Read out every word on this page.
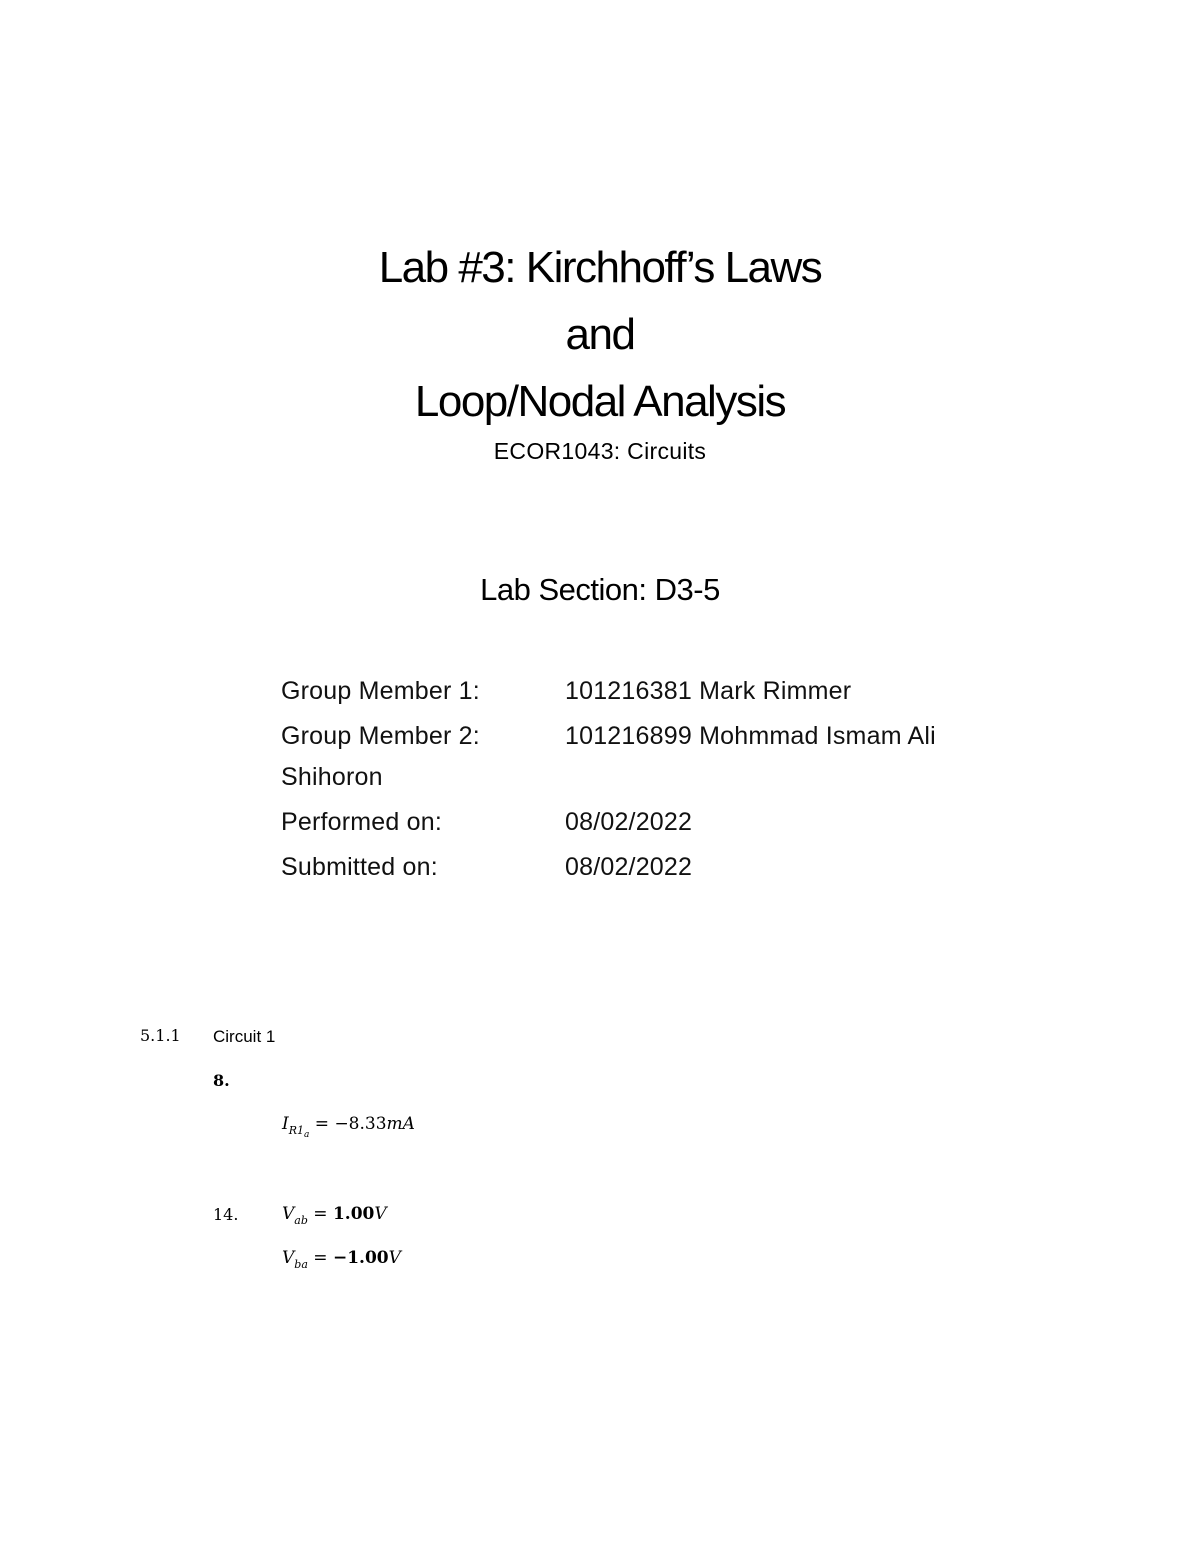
Lab #3: Kirchhoff’s Laws
and
Loop/Nodal Analysis
ECOR1043: Circuits
Lab Section: D3-5
Group Member 1:	101216381 Mark Rimmer
Group Member 2:	101216899 Mohmmad Ismam Ali
Shihoron
Performed on:	08/02/2022
Submitted on:	08/02/2022
5.1.1 Circuit 1
8.
$I_{R1_a} = -8.33mA$
14.	$V_{ab} = 1.00V$
$V_{ba} = -1.00V$
